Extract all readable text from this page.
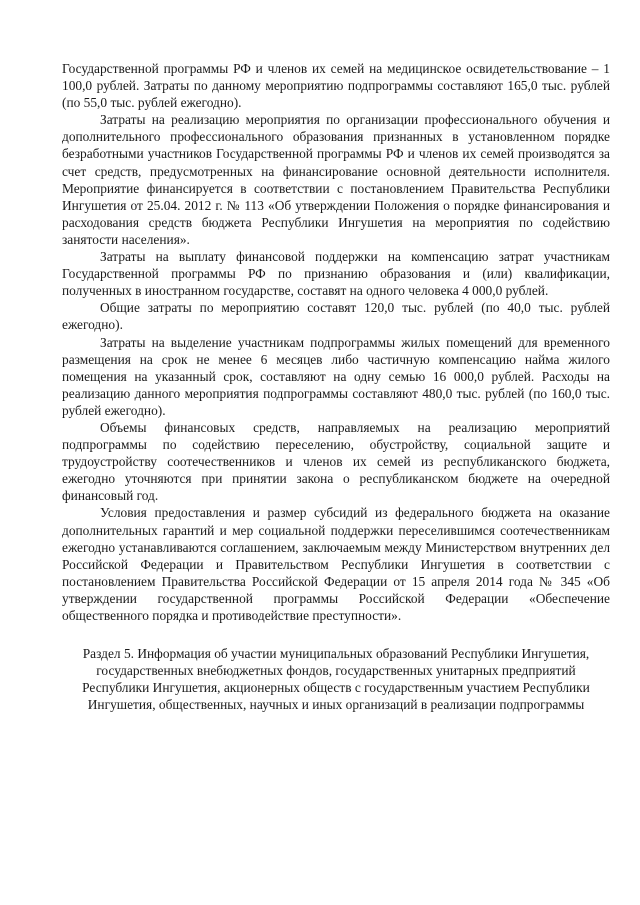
Государственной программы РФ и членов их семей на медицинское освидетельствование – 1 100,0 рублей. Затраты по данному мероприятию подпрограммы составляют 165,0 тыс. рублей (по 55,0 тыс. рублей ежегодно).

Затраты на реализацию мероприятия по организации профессионального обучения и дополнительного профессионального образования признанных в установленном порядке безработными участников Государственной программы РФ и членов их семей производятся за счет средств, предусмотренных на финансирование основной деятельности исполнителя. Мероприятие финансируется в соответствии с постановлением Правительства Республики Ингушетия от 25.04. 2012 г. № 113 «Об утверждении Положения о порядке финансирования и расходования средств бюджета Республики Ингушетия на мероприятия по содействию занятости населения».

Затраты на выплату финансовой поддержки на компенсацию затрат участникам Государственной программы РФ по признанию образования и (или) квалификации, полученных в иностранном государстве, составят на одного человека 4 000,0 рублей.

Общие затраты по мероприятию составят 120,0 тыс. рублей (по 40,0 тыс. рублей ежегодно).

Затраты на выделение участникам подпрограммы жилых помещений для временного размещения на срок не менее 6 месяцев либо частичную компенсацию найма жилого помещения на указанный срок, составляют на одну семью 16 000,0 рублей. Расходы на реализацию данного мероприятия подпрограммы составляют 480,0 тыс. рублей (по 160,0 тыс. рублей ежегодно).

Объемы финансовых средств, направляемых на реализацию мероприятий подпрограммы по содействию переселению, обустройству, социальной защите и трудоустройству соотечественников и членов их семей из республиканского бюджета, ежегодно уточняются при принятии закона о республиканском бюджете на очередной финансовый год.

Условия предоставления и размер субсидий из федерального бюджета на оказание дополнительных гарантий и мер социальной поддержки переселившимся соотечественникам ежегодно устанавливаются соглашением, заключаемым между Министерством внутренних дел Российской Федерации и Правительством Республики Ингушетия в соответствии с постановлением Правительства Российской Федерации от 15 апреля 2014 года № 345 «Об утверждении государственной программы Российской Федерации «Обеспечение общественного порядка и противодействие преступности».

Раздел 5. Информация об участии муниципальных образований Республики Ингушетия, государственных внебюджетных фондов, государственных унитарных предприятий Республики Ингушетия, акционерных обществ с государственным участием Республики Ингушетия, общественных, научных и иных организаций в реализации подпрограммы
